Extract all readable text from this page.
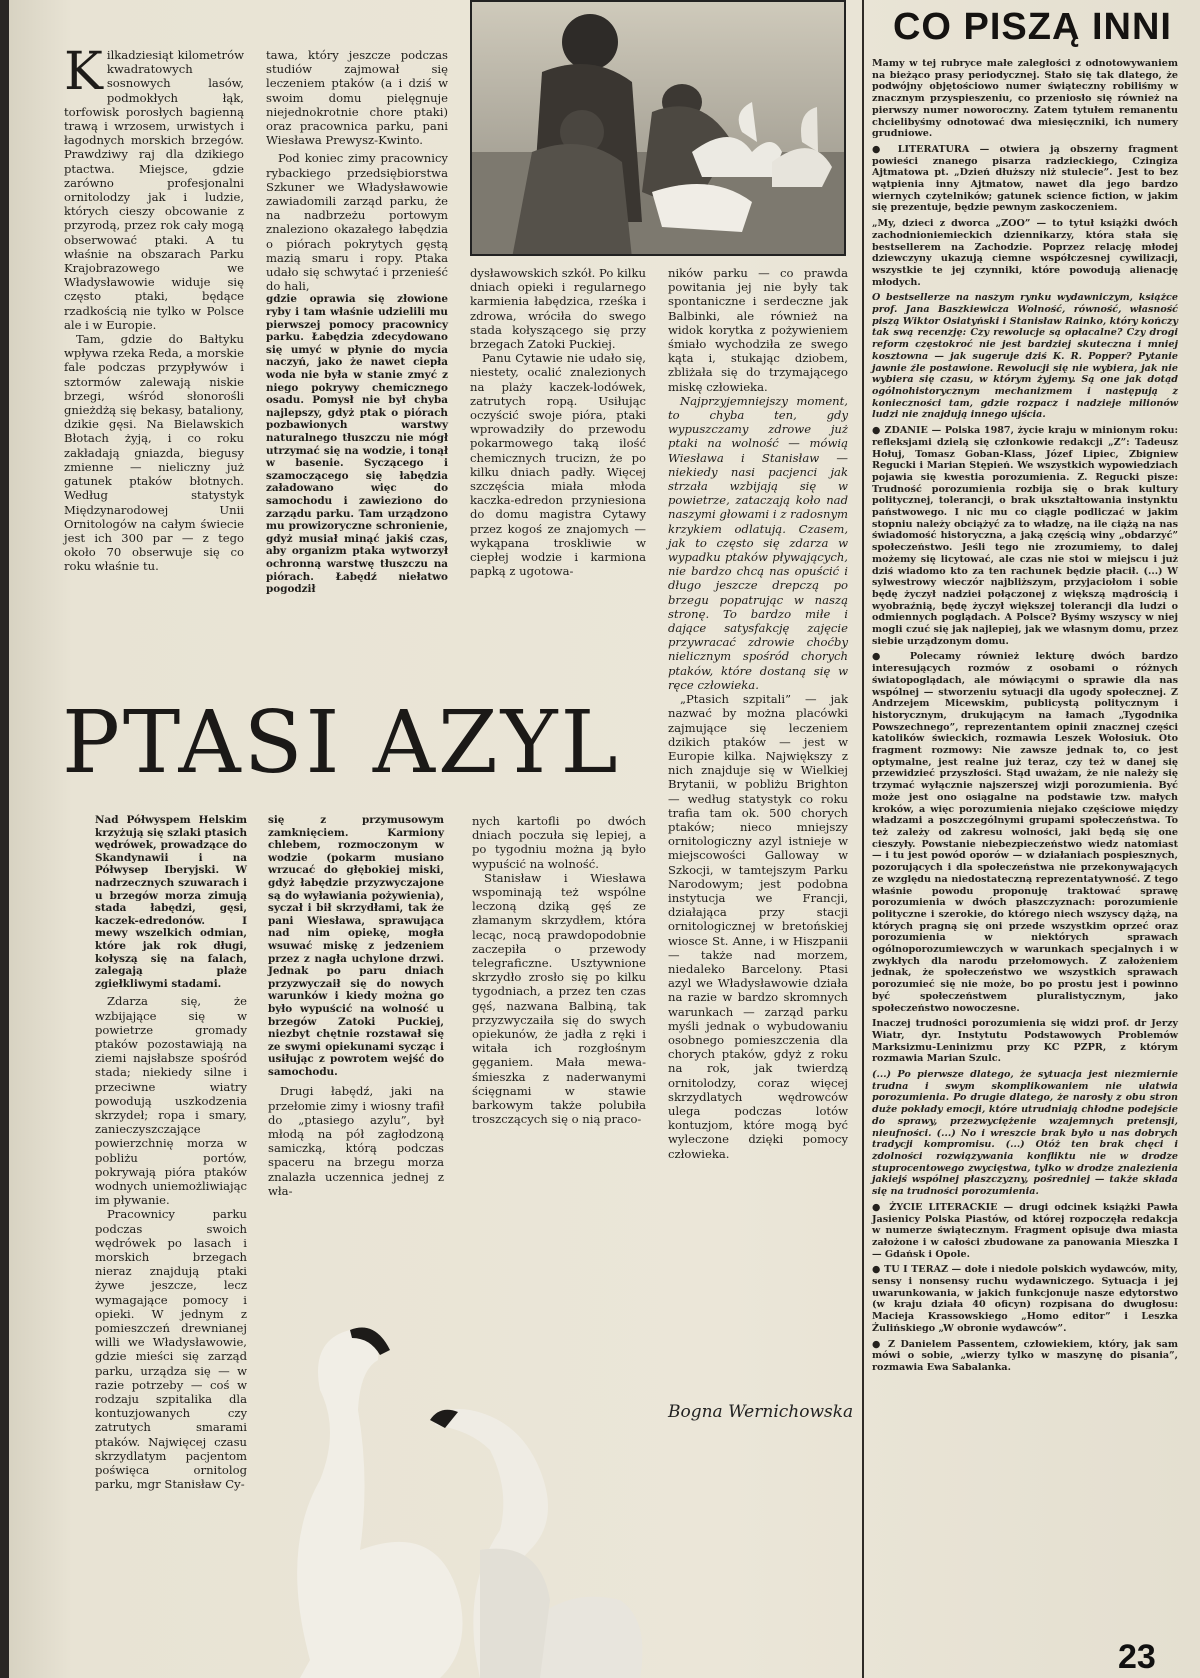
Kilkadziesiąt kilometrów kwadratowych sosnowych lasów, podmokłych łąk, torfowisk porosłych bagienną trawą i wrzosem, urwistych i łagodnych morskich brzegów. Prawdziwy raj dla dzikiego ptactwa. Miejsce, gdzie zarówno profesjonalni ornitolodzy jak i ludzie, których cieszy obcowanie z przyrodą, przez rok cały mogą obserwować ptaki. A tu właśnie na obszarach Parku Krajobrazowego we Władysławowie widuje się często ptaki, będące rzadkością nie tylko w Polsce ale i w Europie.

Tam, gdzie do Bałtyku wpływa rzeka Reda, a morskie fale podczas przypływów i sztormów zalewają niskie brzegi, wśród słonorośli gnieżdżą się bekasy, bataliony, dzikie gęsi. Na Bielawskich Błotach żyją, i co roku zakładają gniazda, biegusy zmienne — nieliczny już gatunek ptaków błotnych. Według statystyk Międzynarodowej Unii Ornitologów na całym świecie jest ich 300 par — z tego około 70 obserwuje się co roku właśnie tu.

tawa, który jeszcze podczas studiów zajmował się leczeniem ptaków (a i dziś w swoim domu pielęgnuje niejednokrotnie chore ptaki) oraz pracownica parku, pani Wiesława Prewysz-Kwinto.

Pod koniec zimy pracownicy rybackiego przedsiębiorstwa Szkuner we Władysławowie zawiadomili zarząd parku, że na nadbrzeżu portowym znaleziono okazałego łabędzia o piórach pokrytych gęstą mazią smaru i ropy. Ptaka udało się schwytać i przenieść do hali,

gdzie oprawia się złowione ryby i tam właśnie udzielili mu pierwszej pomocy pracownicy parku. Łabędzia zdecydowano się umyć w płynie do mycia naczyń, jako że nawet ciepła woda nie była w stanie zmyć z niego pokrywy chemicznego osadu. Pomysł nie był chyba najlepszy, gdyż ptak o piórach pozbawionych warstwy naturalnego tłuszczu nie mógł utrzymać się na wodzie, i tonął w basenie. Syczącego i szamoczącego się łabędzia załadowano więc do samochodu i zawieziono do zarządu parku. Tam urządzono mu prowizoryczne schronienie, gdyż musiał minąć jakiś czas, aby organizm ptaka wytworzył ochronną warstwę tłuszczu na piórach. Łabędź niełatwo pogodził

dysławowskich szkół. Po kilku dniach opieki i regularnego karmienia łabędzica, rześka i zdrowa, wróciła do swego stada kołyszącego się przy brzegach Zatoki Puckiej.

Panu Cytawie nie udało się, niestety, ocalić znalezionych na plaży kaczek-lodówek, zatrutych ropą. Usiłując oczyścić swoje pióra, ptaki wprowadziły do przewodu pokarmowego taką ilość chemicznych trucizn, że po kilku dniach padły. Więcej szczęścia miała młoda kaczka-edredon przyniesiona do domu magistra Cytawy przez kogoś ze znajomych — wykąpana troskliwie w ciepłej wodzie i karmiona papką z ugotowa-

ników parku — co prawda powitania jej nie były tak spontaniczne i serdeczne jak Balbinki, ale również na widok korytka z pożywieniem śmiało wychodziła ze swego kąta i, stukając dziobem, zbliżała się do trzymającego miskę człowieka.

Najprzyjemniejszy moment, to chyba ten, gdy wypuszczamy zdrowe już ptaki na wolność — mówią Wiesława i Stanisław — niekiedy nasi pacjenci jak strzała wzbijają się w powietrze, zataczają koło nad naszymi głowami i z radosnym krzykiem odlatują. Czasem, jak to często się zdarza w wypadku ptaków pływających, nie bardzo chcą nas opuścić i długo jeszcze drepczą po brzegu popatrując w naszą stronę. To bardzo miłe i dające satysfakcję zajęcie przywracać zdrowie choćby nielicznym spośród chorych ptaków, które dostaną się w ręce człowieka.

„Ptasich szpitali” — jak nazwać by można placówki zajmujące się leczeniem dzikich ptaków — jest w Europie kilka. Największy z nich znajduje się w Wielkiej Brytanii, w pobliżu Brighton — według statystyk co roku trafia tam ok. 500 chorych ptaków; nieco mniejszy ornitologiczny azyl istnieje w miejscowości Galloway w Szkocji, w tamtejszym Parku Narodowym; jest podobna instytucja we Francji, działająca przy stacji ornitologicznej w bretońskiej wiosce St. Anne, i w Hiszpanii — także nad morzem, niedaleko Barcelony. Ptasi azyl we Władysławowie działa na razie w bardzo skromnych warunkach — zarząd parku myśli jednak o wybudowaniu osobnego pomieszczenia dla chorych ptaków, gdyż z roku na rok, jak twierdzą ornitolodzy, coraz więcej skrzydlatych wędrowców ulega podczas lotów kontuzjom, które mogą być wyleczone dzięki pomocy człowieka.

Bogna Wernichowska
PTASI AZYL

Nad Półwyspem Helskim krzyżują się szlaki ptasich wędrówek, prowadzące do Skandynawii i na Półwysep Iberyjski. W nadrzecznych szuwarach i u brzegów morza zimują stada łabędzi, gęsi, kaczek-edredonów. I mewy wszelkich odmian, które jak rok długi, kołyszą się na falach, zalegają plaże zgiełkliwymi stadami.

Zdarza się, że wzbijające się w powietrze gromady ptaków pozostawiają na ziemi najsłabsze spośród stada; niekiedy silne i przeciwne wiatry powodują uszkodzenia skrzydeł; ropa i smary, zanieczyszczające powierzchnię morza w pobliżu portów, pokrywają pióra ptaków wodnych uniemożliwiając im pływanie.

Pracownicy parku podczas swoich wędrówek po lasach i morskich brzegach nieraz znajdują ptaki żywe jeszcze, lecz wymagające pomocy i opieki. W jednym z pomieszczeń drewnianej willi we Władysławowie, gdzie mieści się zarząd parku, urządza się — w razie potrzeby — coś w rodzaju szpitalika dla kontuzjowanych czy zatrutych smarami ptaków. Najwięcej czasu skrzydlatym pacjentom poświęca ornitolog parku, mgr Stanisław Cy-

się z przymusowym zamknięciem. Karmiony chlebem, rozmoczonym w wodzie (pokarm musiano wrzucać do głębokiej miski, gdyż łabędzie przyzwyczajone są do wyławiania pożywienia), syczał i bił skrzydłami, tak że pani Wiesława, sprawująca nad nim opiekę, mogła wsuwać miskę z jedzeniem przez z nagła uchylone drzwi. Jednak po paru dniach przyzwyczaił się do nowych warunków i kiedy można go było wypuścić na wolność u brzegów Zatoki Puckiej, niezbyt chętnie rozstawał się ze swymi opiekunami sycząc i usiłując z powrotem wejść do samochodu.

Drugi łabędź, jaki na przełomie zimy i wiosny trafił do „ptasiego azylu”, był młodą na pół zagłodzoną samiczką, którą podczas spaceru na brzegu morza znalazła uczennica jednej z wła-

nych kartofli po dwóch dniach poczuła się lepiej, a po tygodniu można ją było wypuścić na wolność.

Stanisław i Wiesława wspominają też wspólne leczoną dziką gęś ze złamanym skrzydłem, która lecąc, nocą prawdopodobnie zaczepiła o przewody telegraficzne. Usztywnione skrzydło zrosło się po kilku tygodniach, a przez ten czas gęś, nazwana Balbiną, tak przyzwyczaiła się do swych opiekunów, że jadła z ręki i witała ich rozgłośnym gęganiem. Mała mewa-śmieszka z naderwanymi ścięgnami w stawie barkowym także polubiła troszczących się o nią praco-

CO PISZĄ INNI

Mamy w tej rubryce małe zaległości z odnotowywaniem na bieżąco prasy periodycznej. Stało się tak dlatego, że podwójny objętościowo numer świąteczny robiliśmy w znacznym przyspieszeniu, co przeniosło się również na pierwszy numer noworoczny. Zatem tytułem remanentu chcielibyśmy odnotować dwa miesięczniki, ich numery grudniowe.

● LITERATURA — otwiera ją obszerny fragment powieści znanego pisarza radzieckiego, Czingiza Ajtmatowa pt. „Dzień dłuższy niż stulecie”. Jest to bez wątpienia inny Ajtmatow, nawet dla jego bardzo wiernych czytelników; gatunek science fiction, w jakim się prezentuje, będzie pewnym zaskoczeniem.

„My, dzieci z dworca „ZOO” — to tytuł książki dwóch zachodnioniemieckich dziennikarzy, która stała się bestsellerem na Zachodzie. Poprzez relację młodej dziewczyny ukazują ciemne współczesnej cywilizacji, wszystkie te jej czynniki, które powodują alienację młodych.

O bestsellerze na naszym rynku wydawniczym, książce prof. Jana Baszkiewicza Wolność, równość, własność piszą Wiktor Osiatyński i Stanisław Rainko, który kończy tak swą recenzję: Czy rewolucje są opłacalne? Czy drogi reform częstokroć nie jest bardziej skuteczna i mniej kosztowna — jak sugeruje dziś K. R. Popper? Pytanie jawnie źle postawione. Rewolucji się nie wybiera, jak nie wybiera się czasu, w którym żyjemy. Są one jak dotąd ogólnohistorycznym mechanizmem i następują z konieczności tam, gdzie rozpacz i nadzieje milionów ludzi nie znajdują innego ujścia.

● ZDANIE — Polska 1987, życie kraju w minionym roku: refleksjami dzielą się członkowie redakcji „Z”: Tadeusz Hołuj, Tomasz Goban-Klass, Józef Lipiec, Zbigniew Regucki i Marian Stępień. We wszystkich wypowiedziach pojawia się kwestia porozumienia. Z. Regucki pisze: Trudność porozumienia rozbija się o brak kultury politycznej, tolerancji, o brak ukształtowania instynktu państwowego. I nic mu co ciągle podliczać w jakim stopniu należy obciążyć za to władzę, na ile ciążą na nas świadomość historyczna, a jaką częścią winy „obdarzyć” społeczeństwo. Jeśli tego nie zrozumiemy, to dalej możemy się licytować, ale czas nie stoi w miejscu i już dziś wiadomo kto za ten rachunek będzie płacił. (...) W sylwestrowy wieczór najbliższym, przyjaciołom i sobie będę życzył nadziei połączonej z większą mądrością i wyobraźnią, będę życzył większej tolerancji dla ludzi o odmiennych poglądach. A Polsce? Byśmy wszyscy w niej mogli czuć się jak najlepiej, jak we własnym domu, przez siebie urządzonym domu.

● Polecamy również lekturę dwóch bardzo interesujących rozmów z osobami o różnych światopoglądach, ale mówiącymi o sprawie dla nas wspólnej — stworzeniu sytuacji dla ugody społecznej. Z Andrzejem Micewskim, publicystą politycznym i historycznym, drukującym na łamach „Tygodnika Powszechnego”, reprezentantem opinii znacznej części katolików świeckich, rozmawia Leszek Wołosiuk. Oto fragment rozmowy: Nie zawsze jednak to, co jest optymalne, jest realne już teraz, czy też w danej się przewidzieć przyszłości. Stąd uważam, że nie należy się trzymać wyłącznie najszerszej wizji porozumienia. Być może jest ono osiągalne na podstawie tzw. małych kroków, a więc porozumienia niejako częściowe między władzami a poszczególnymi grupami społeczeństwa. To też zależy od zakresu wolności, jaki będą się one cieszyły. Powstanie niebezpieczeństwo wiedz natomiast — i tu jest powód oporów — w działaniach pospiesznych, pozorujących i dla społeczeństwa nie przekonywających ze względu na niedostateczną reprezentatywność. Z tego właśnie powodu proponuję traktować sprawę porozumienia w dwóch płaszczyznach: porozumienie polityczne i szerokie, do którego niech wszyscy dążą, na których pragną się oni przede wszystkim oprzeć oraz porozumienia w niektórych sprawach ogólnoporozumiewczych w warunkach specjalnych i w zwykłych dla narodu przełomowych. Z założeniem jednak, że społeczeństwo we wszystkich sprawach porozumieć się nie może, bo po prostu jest i powinno być społeczeństwem pluralistycznym, jako społeczeństwo nowoczesne.

Inaczej trudności porozumienia się widzi prof. dr Jerzy Wiatr, dyr. Instytutu Podstawowych Problemów Marksizmu-Leninizmu przy KC PZPR, z którym rozmawia Marian Szulc.

(...) Po pierwsze dlatego, że sytuacja jest niezmiernie trudna i swym skomplikowaniem nie ułatwia porozumienia. Po drugie dlatego, że narosły z obu stron duże pokłady emocji, które utrudniają chłodne podejście do sprawy, przezwyciężenie wzajemnych pretensji, nieufności. (...) No i wreszcie brak było u nas dobrych tradycji kompromisu. (...) Otóż ten brak chęci i zdolności rozwiązywania konfliktu nie w drodze stuprocentowego zwycięstwa, tylko w drodze znalezienia jakiejś wspólnej płaszczyzny, pośredniej — także składa się na trudności porozumienia.

● ŻYCIE LITERACKIE — drugi odcinek książki Pawła Jasienicy Polska Piastów, od której rozpoczęła redakcja w numerze świątecznym. Fragment opisuje dwa miasta założone i w całości zbudowane za panowania Mieszka I — Gdańsk i Opole.

● TU I TERAZ — dołe i niedole polskich wydawców, mity, sensy i nonsensy ruchu wydawniczego. Sytuacja i jej uwarunkowania, w jakich funkcjonuje nasze edytorstwo (w kraju działa 40 oficyn) rozpisana do dwugłosu: Macieja Krassowskiego „Homo editor” i Leszka Żulińskiego „W obronie wydawców”.

● Z Danielem Passentem, człowiekiem, który, jak sam mówi o sobie, „wierzy tylko w maszynę do pisania”, rozmawia Ewa Sabalanka.

23
